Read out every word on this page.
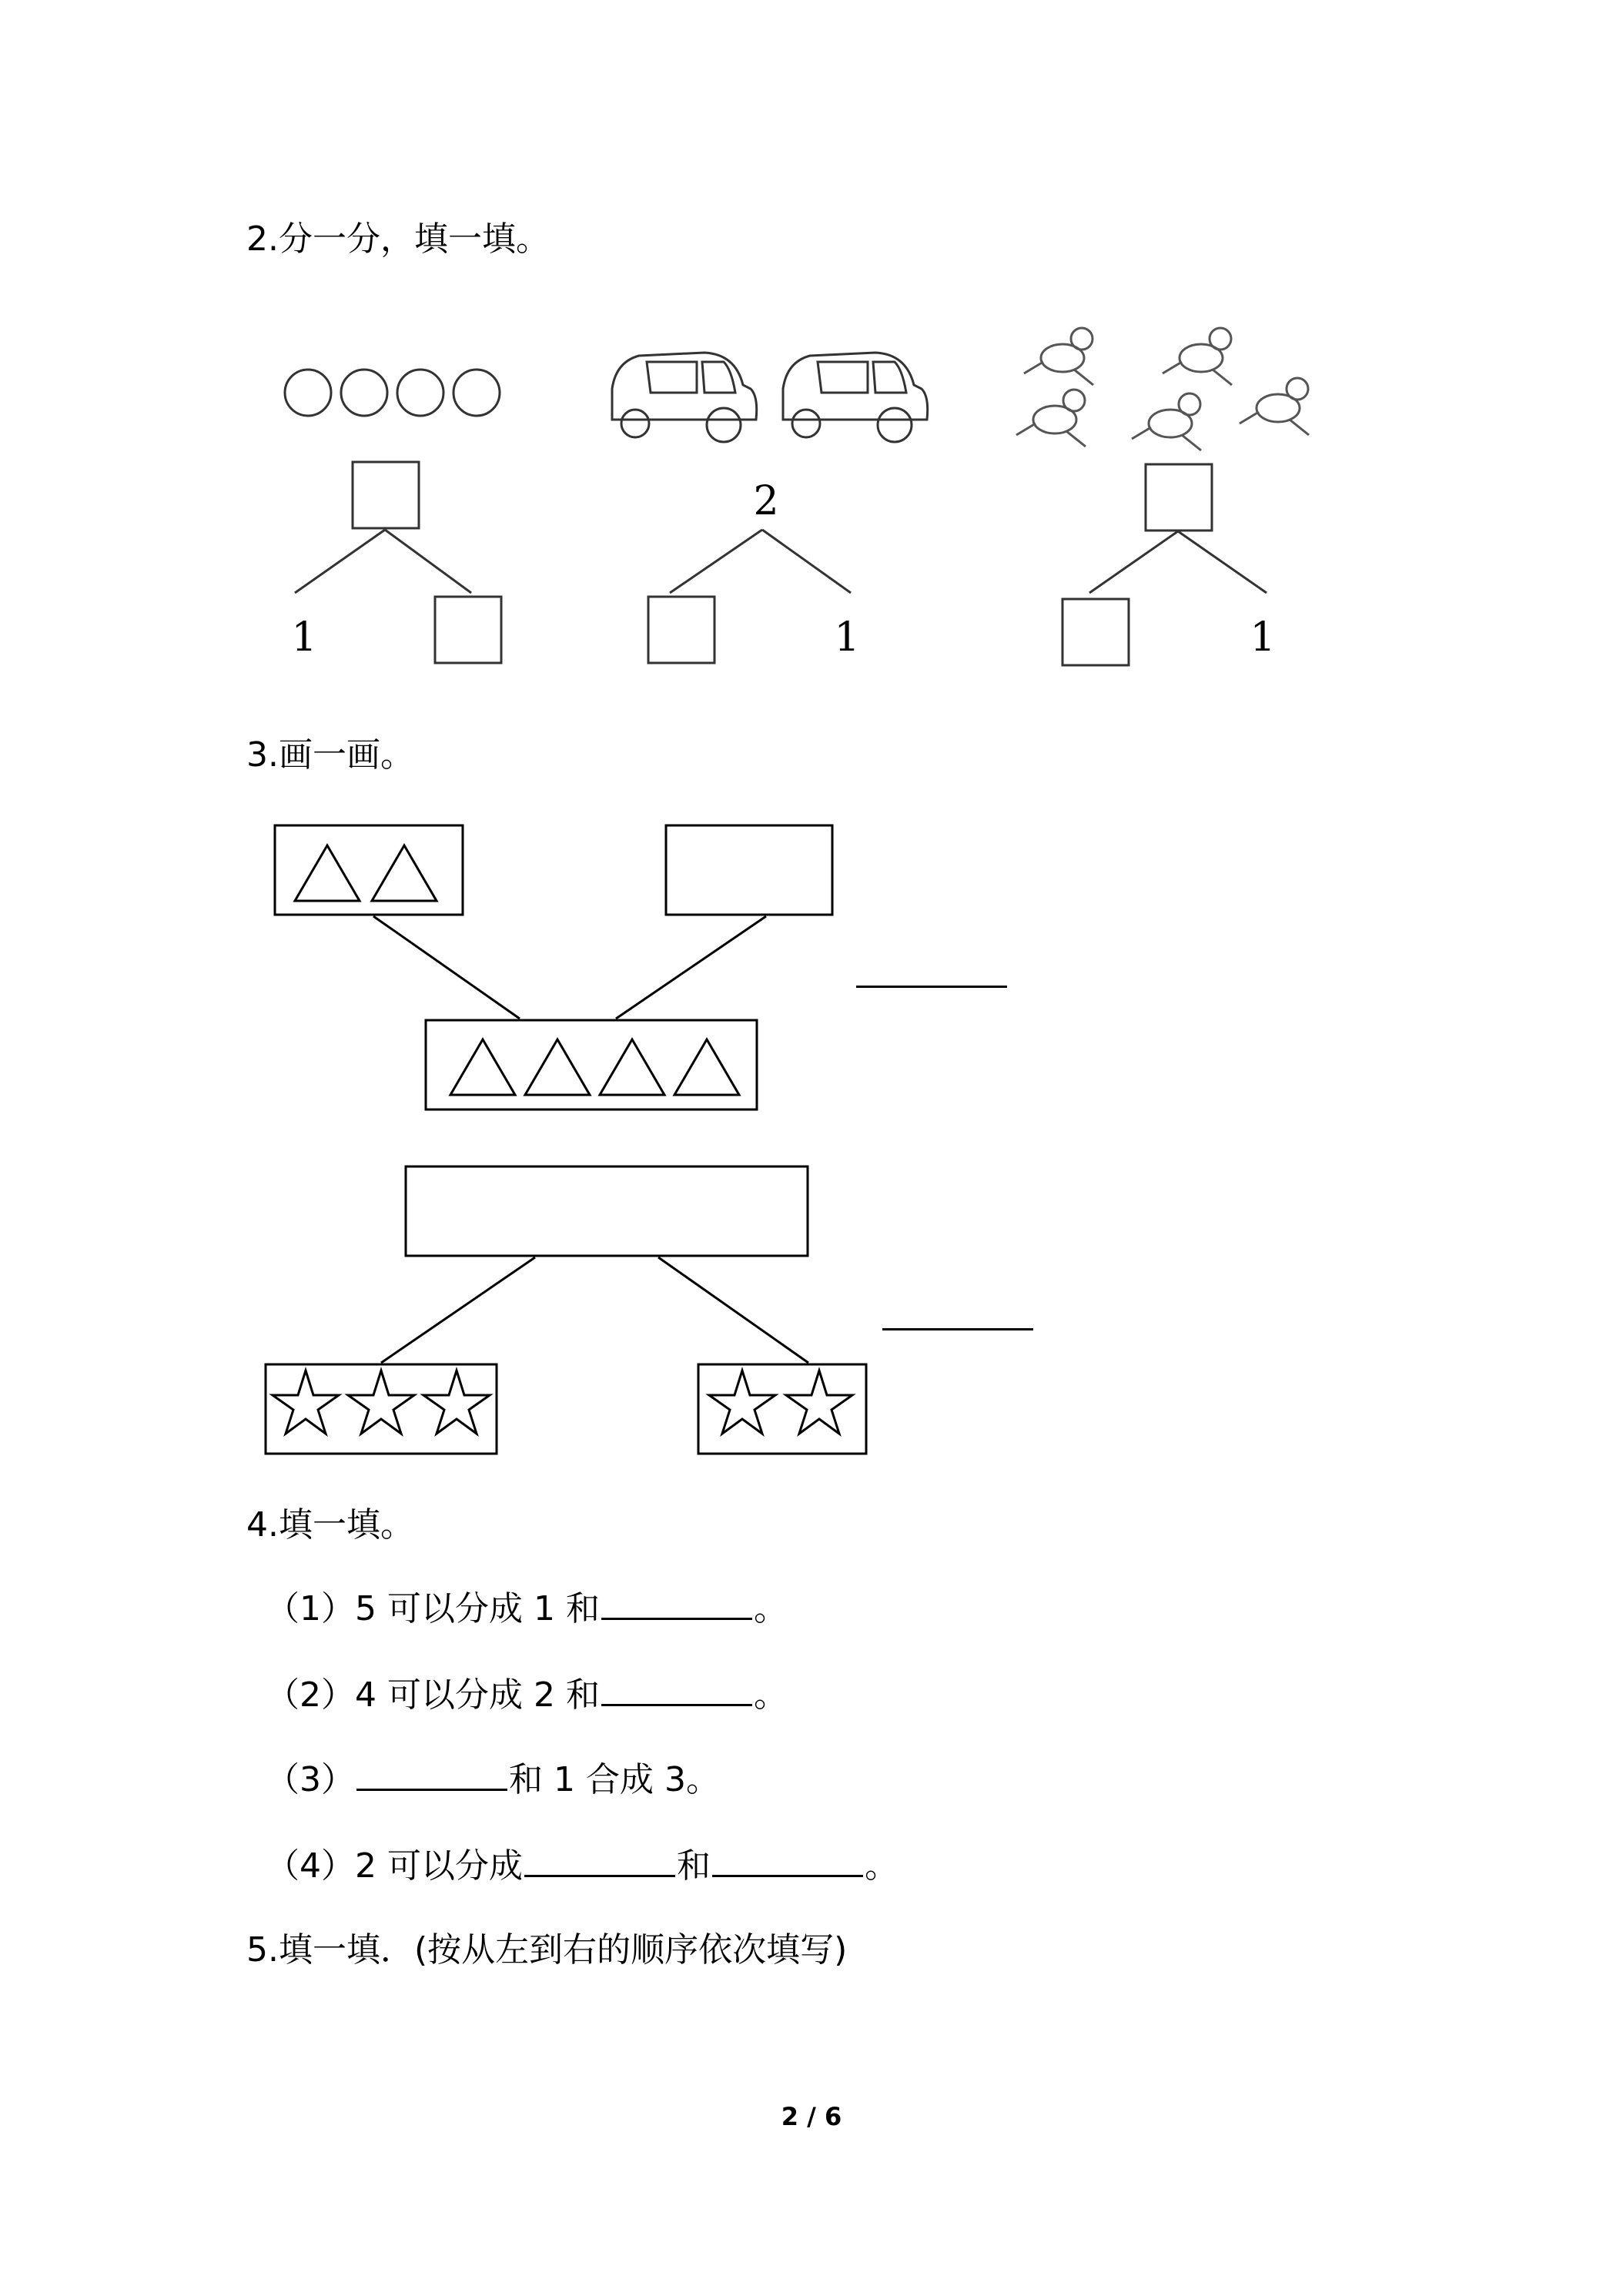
2.分一分，填一填。
1
2
1	1
3.画一画。
4.填一填。
（1）5 可以分成 1 和	。
（2）4 可以分成 2 和	。
（3）	和 1 合成 3。
（4）2 可以分成	和	。
5.填一填．(按从左到右的顺序依次填写)
2 / 6
